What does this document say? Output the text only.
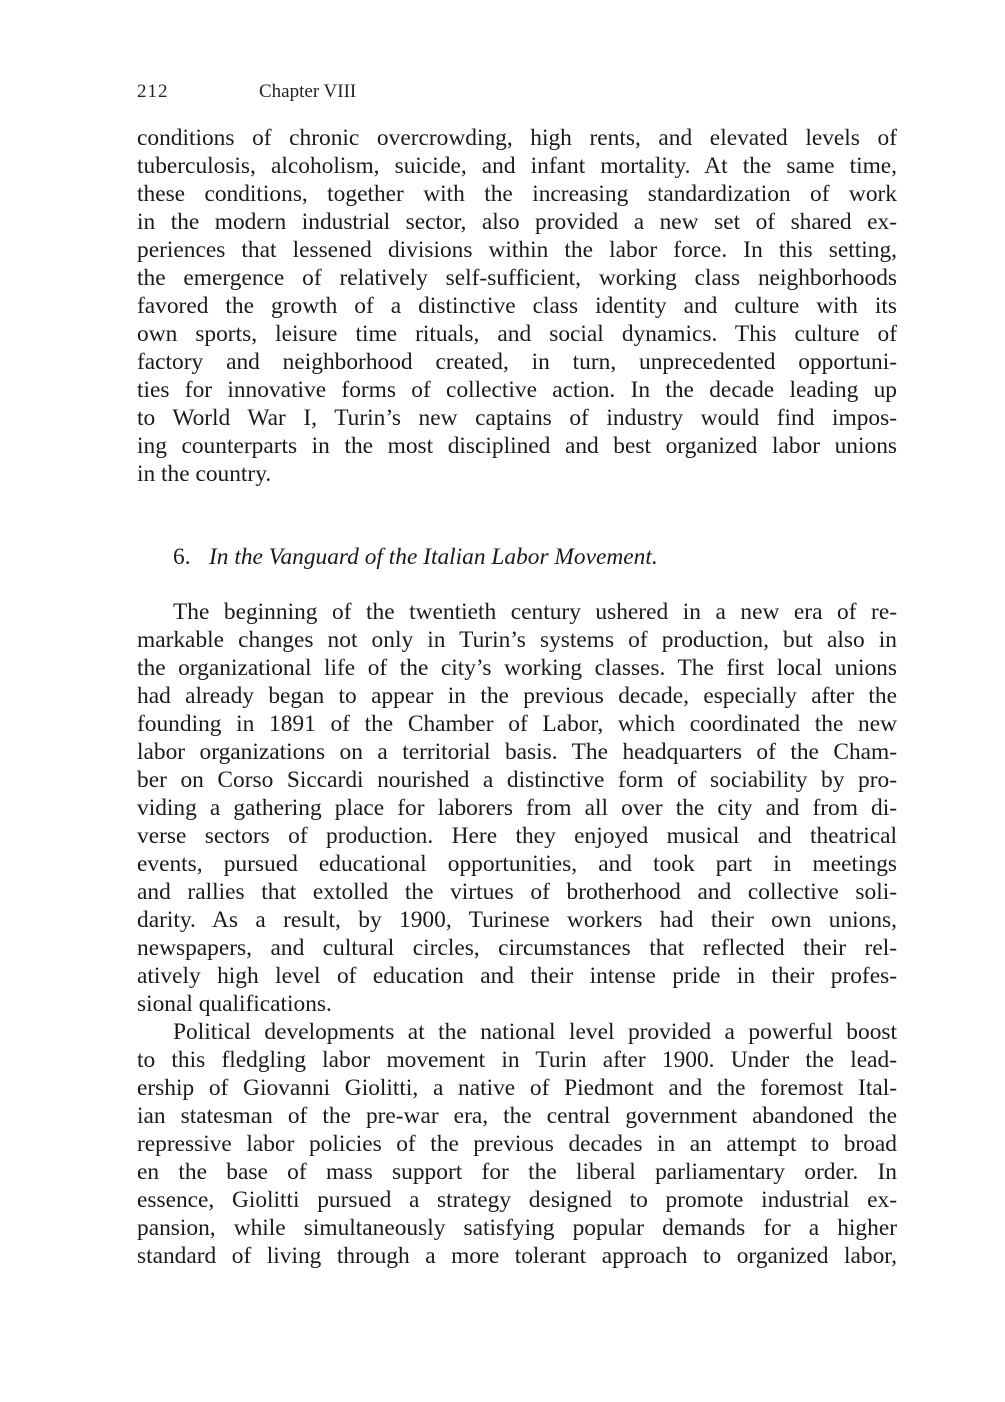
212	Chapter VIII
conditions of chronic overcrowding, high rents, and elevated levels of
tuberculosis, alcoholism, suicide, and infant mortality. At the same time,
these conditions, together with the increasing standardization of work
in the modern industrial sector, also provided a new set of shared ex-
periences that lessened divisions within the labor force. In this setting,
the emergence of relatively self-sufficient, working class neighborhoods
favored the growth of a distinctive class identity and culture with its
own sports, leisure time rituals, and social dynamics. This culture of
factory and neighborhood created, in turn, unprecedented opportuni-
ties for innovative forms of collective action. In the decade leading up
to World War I, Turin’s new captains of industry would find impos-
ing counterparts in the most disciplined and best organized labor unions
in the country.
6. In the Vanguard of the Italian Labor Movement.
The beginning of the twentieth century ushered in a new era of re-
markable changes not only in Turin’s systems of production, but also in
the organizational life of the city’s working classes. The first local unions
had already began to appear in the previous decade, especially after the
founding in 1891 of the Chamber of Labor, which coordinated the new
labor organizations on a territorial basis. The headquarters of the Cham-
ber on Corso Siccardi nourished a distinctive form of sociability by pro-
viding a gathering place for laborers from all over the city and from di-
verse sectors of production. Here they enjoyed musical and theatrical
events, pursued educational opportunities, and took part in meetings
and rallies that extolled the virtues of brotherhood and collective soli-
darity. As a result, by 1900, Turinese workers had their own unions,
newspapers, and cultural circles, circumstances that reflected their rel-
atively high level of education and their intense pride in their profes-
sional qualifications.
Political developments at the national level provided a powerful boost
to this fledgling labor movement in Turin after 1900. Under the lead-
ership of Giovanni Giolitti, a native of Piedmont and the foremost Ital-
ian statesman of the pre-war era, the central government abandoned the
repressive labor policies of the previous decades in an attempt to broad
en the base of mass support for the liberal parliamentary order. In
essence, Giolitti pursued a strategy designed to promote industrial ex-
pansion, while simultaneously satisfying popular demands for a higher
standard of living through a more tolerant approach to organized labor,
